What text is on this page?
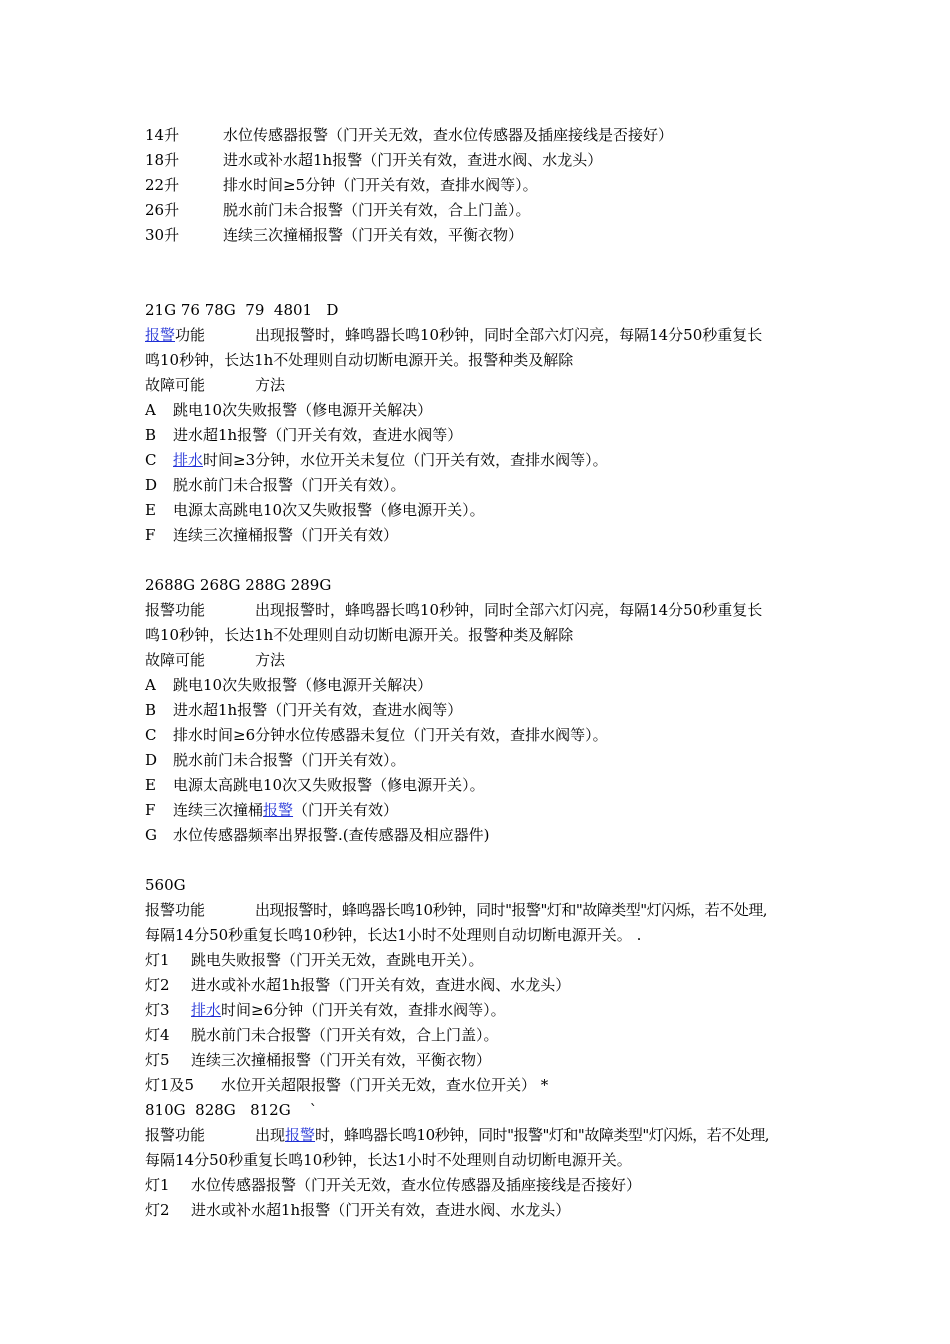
14升	水位传感器报警（门开关无效，查水位传感器及插座接线是否接好）
18升	进水或补水超1h报警（门开关有效，查进水阀、水龙头）
22升	排水时间≥5分钟（门开关有效，查排水阀等）。
26升	脱水前门未合报警（门开关有效，合上门盖）。
30升	连续三次撞桶报警（门开关有效，平衡衣物）
21G 76 78G  79  4801   D
报警功能	出现报警时，蜂鸣器长鸣10秒钟，同时全部六灯闪亮，每隔14分50秒重复长
鸣10秒钟，长达1h不处理则自动切断电源开关。报警种类及解除
故障可能	方法
A 跳电10次失败报警（修电源开关解决）
B 进水超1h报警（门开关有效，查进水阀等）
C 排水时间≥3分钟，水位开关未复位（门开关有效，查排水阀等）。
D 脱水前门未合报警（门开关有效）。
E 电源太高跳电10次又失败报警（修电源开关）。
F 连续三次撞桶报警（门开关有效）
2688G 268G 288G 289G
报警功能	出现报警时，蜂鸣器长鸣10秒钟，同时全部六灯闪亮，每隔14分50秒重复长
鸣10秒钟，长达1h不处理则自动切断电源开关。报警种类及解除
故障可能	方法
A 跳电10次失败报警（修电源开关解决）
B 进水超1h报警（门开关有效，查进水阀等）
C 排水时间≥6分钟水位传感器未复位（门开关有效，查排水阀等）。
D 脱水前门未合报警（门开关有效）。
E 电源太高跳电10次又失败报警（修电源开关）。
F 连续三次撞桶报警（门开关有效）
G 水位传感器频率出界报警.(查传感器及相应器件)
560G
报警功能	出现报警时，蜂鸣器长鸣10秒钟，同时"报警"灯和"故障类型"灯闪烁，若不处理,
每隔14分50秒重复长鸣10秒钟，长达1小时不处理则自动切断电源开关。 .
灯1 跳电失败报警（门开关无效，查跳电开关）。
灯2 进水或补水超1h报警（门开关有效，查进水阀、水龙头）
灯3 排水时间≥6分钟（门开关有效，查排水阀等）。
灯4 脱水前门未合报警（门开关有效，合上门盖）。
灯5 连续三次撞桶报警（门开关有效，平衡衣物）
灯1及5 水位开关超限报警（门开关无效，查水位开关） *
810G  828G   812G    `
报警功能	出现报警时，蜂鸣器长鸣10秒钟，同时"报警"灯和"故障类型"灯闪烁，若不处理,
每隔14分50秒重复长鸣10秒钟，长达1小时不处理则自动切断电源开关。
灯1 水位传感器报警（门开关无效，查水位传感器及插座接线是否接好）
灯2 进水或补水超1h报警（门开关有效，查进水阀、水龙头）
